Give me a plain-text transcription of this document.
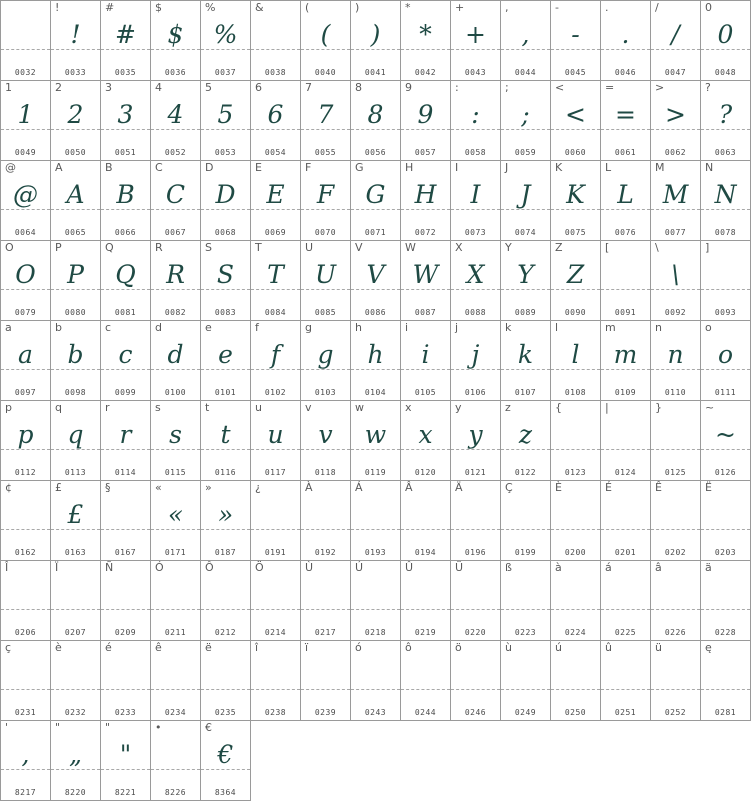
0032
!
!
0033
#
#
0035
$
$
0036
%
%
0037
&
0038
(
(
0040
)
)
0041
*
*
0042
+
+
0043
,
,
0044
-
-
0045
.
.
0046
/
/
0047
0
0
0048
1
1
0049
2
2
0050
3
3
0051
4
4
0052
5
5
0053
6
6
0054
7
7
0055
8
8
0056
9
9
0057
:
:
0058
;
;
0059
<
<
0060
=
=
0061
>
>
0062
?
?
0063
@
@
0064
A
A
0065
B
B
0066
C
C
0067
D
D
0068
E
E
0069
F
F
0070
G
G
0071
H
H
0072
I
I
0073
J
J
0074
K
K
0075
L
L
0076
M
M
0077
N
N
0078
O
O
0079
P
P
0080
Q
Q
0081
R
R
0082
S
S
0083
T
T
0084
U
U
0085
V
V
0086
W
W
0087
X
X
0088
Y
Y
0089
Z
Z
0090
[
0091
\
\
0092
]
0093
a
a
0097
b
b
0098
c
c
0099
d
d
0100
e
e
0101
f
f
0102
g
g
0103
h
h
0104
i
i
0105
j
j
0106
k
k
0107
l
l
0108
m
m
0109
n
n
0110
o
o
0111
p
p
0112
q
q
0113
r
r
0114
s
s
0115
t
t
0116
u
u
0117
v
v
0118
w
w
0119
x
x
0120
y
y
0121
z
z
0122
{
0123
|
0124
}
0125
~
~
0126
¢
0162
£
£
0163
§
0167
«
«
0171
»
»
0187
¿
0191
À
0192
Á
0193
Â
0194
Ä
0196
Ç
0199
È
0200
É
0201
Ê
0202
Ë
0203
Î
0206
Ï
0207
Ñ
0209
Ó
0211
Ô
0212
Ö
0214
Ù
0217
Ú
0218
Û
0219
Ü
0220
ß
0223
à
0224
á
0225
â
0226
ä
0228
ç
0231
è
0232
é
0233
ê
0234
ë
0235
î
0238
ï
0239
ó
0243
ô
0244
ö
0246
ù
0249
ú
0250
û
0251
ü
0252
ę
0281
'
,
8217
"
„
8220
"
"
8221
•
8226
€
€
8364
